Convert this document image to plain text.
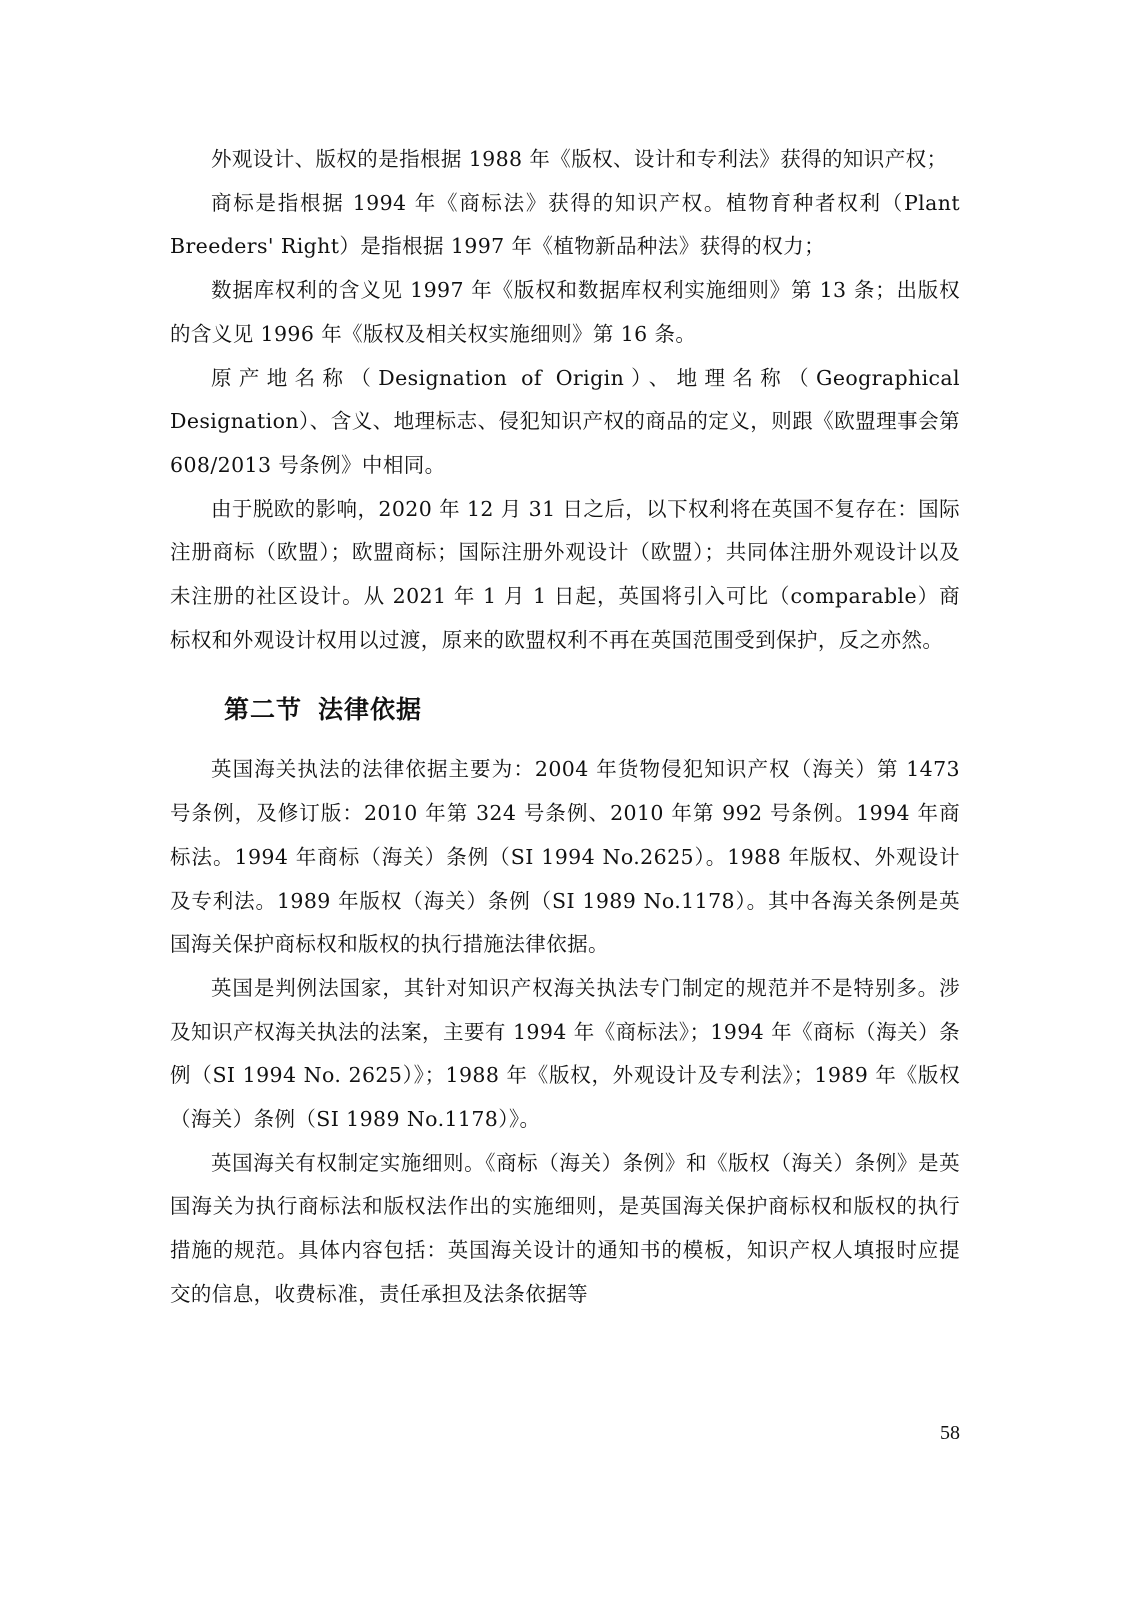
外观设计、版权的是指根据 1988 年《版权、设计和专利法》获得的知识产权；

商标是指根据 1994 年《商标法》获得的知识产权。植物育种者权利（Plant Breeders' Right）是指根据 1997 年《植物新品种法》获得的权力；

数据库权利的含义见 1997 年《版权和数据库权利实施细则》第 13 条；出版权的含义见 1996 年《版权及相关权实施细则》第 16 条。

原产地名称（Designation of Origin）、地理名称（Geographical Designation）、含义、地理标志、侵犯知识产权的商品的定义，则跟《欧盟理事会第 608/2013 号条例》中相同。

由于脱欧的影响，2020 年 12 月 31 日之后，以下权利将在英国不复存在：国际注册商标（欧盟）；欧盟商标；国际注册外观设计（欧盟）；共同体注册外观设计以及未注册的社区设计。从 2021 年 1 月 1 日起，英国将引入可比（comparable）商标权和外观设计权用以过渡，原来的欧盟权利不再在英国范围受到保护，反之亦然。

第二节 法律依据

英国海关执法的法律依据主要为：2004 年货物侵犯知识产权（海关）第 1473 号条例，及修订版：2010 年第 324 号条例、2010 年第 992 号条例。1994 年商标法。1994 年商标（海关）条例（SI 1994 No.2625）。1988 年版权、外观设计及专利法。1989 年版权（海关）条例（SI 1989 No.1178）。其中各海关条例是英国海关保护商标权和版权的执行措施法律依据。

英国是判例法国家，其针对知识产权海关执法专门制定的规范并不是特别多。涉及知识产权海关执法的法案，主要有 1994 年《商标法》；1994 年《商标（海关）条例（SI 1994 No. 2625）》；1988 年《版权，外观设计及专利法》；1989 年《版权（海关）条例（SI 1989 No.1178）》。

英国海关有权制定实施细则。《商标（海关）条例》和《版权（海关）条例》是英国海关为执行商标法和版权法作出的实施细则，是英国海关保护商标权和版权的执行措施的规范。具体内容包括：英国海关设计的通知书的模板，知识产权人填报时应提交的信息，收费标准，责任承担及法条依据等

58
